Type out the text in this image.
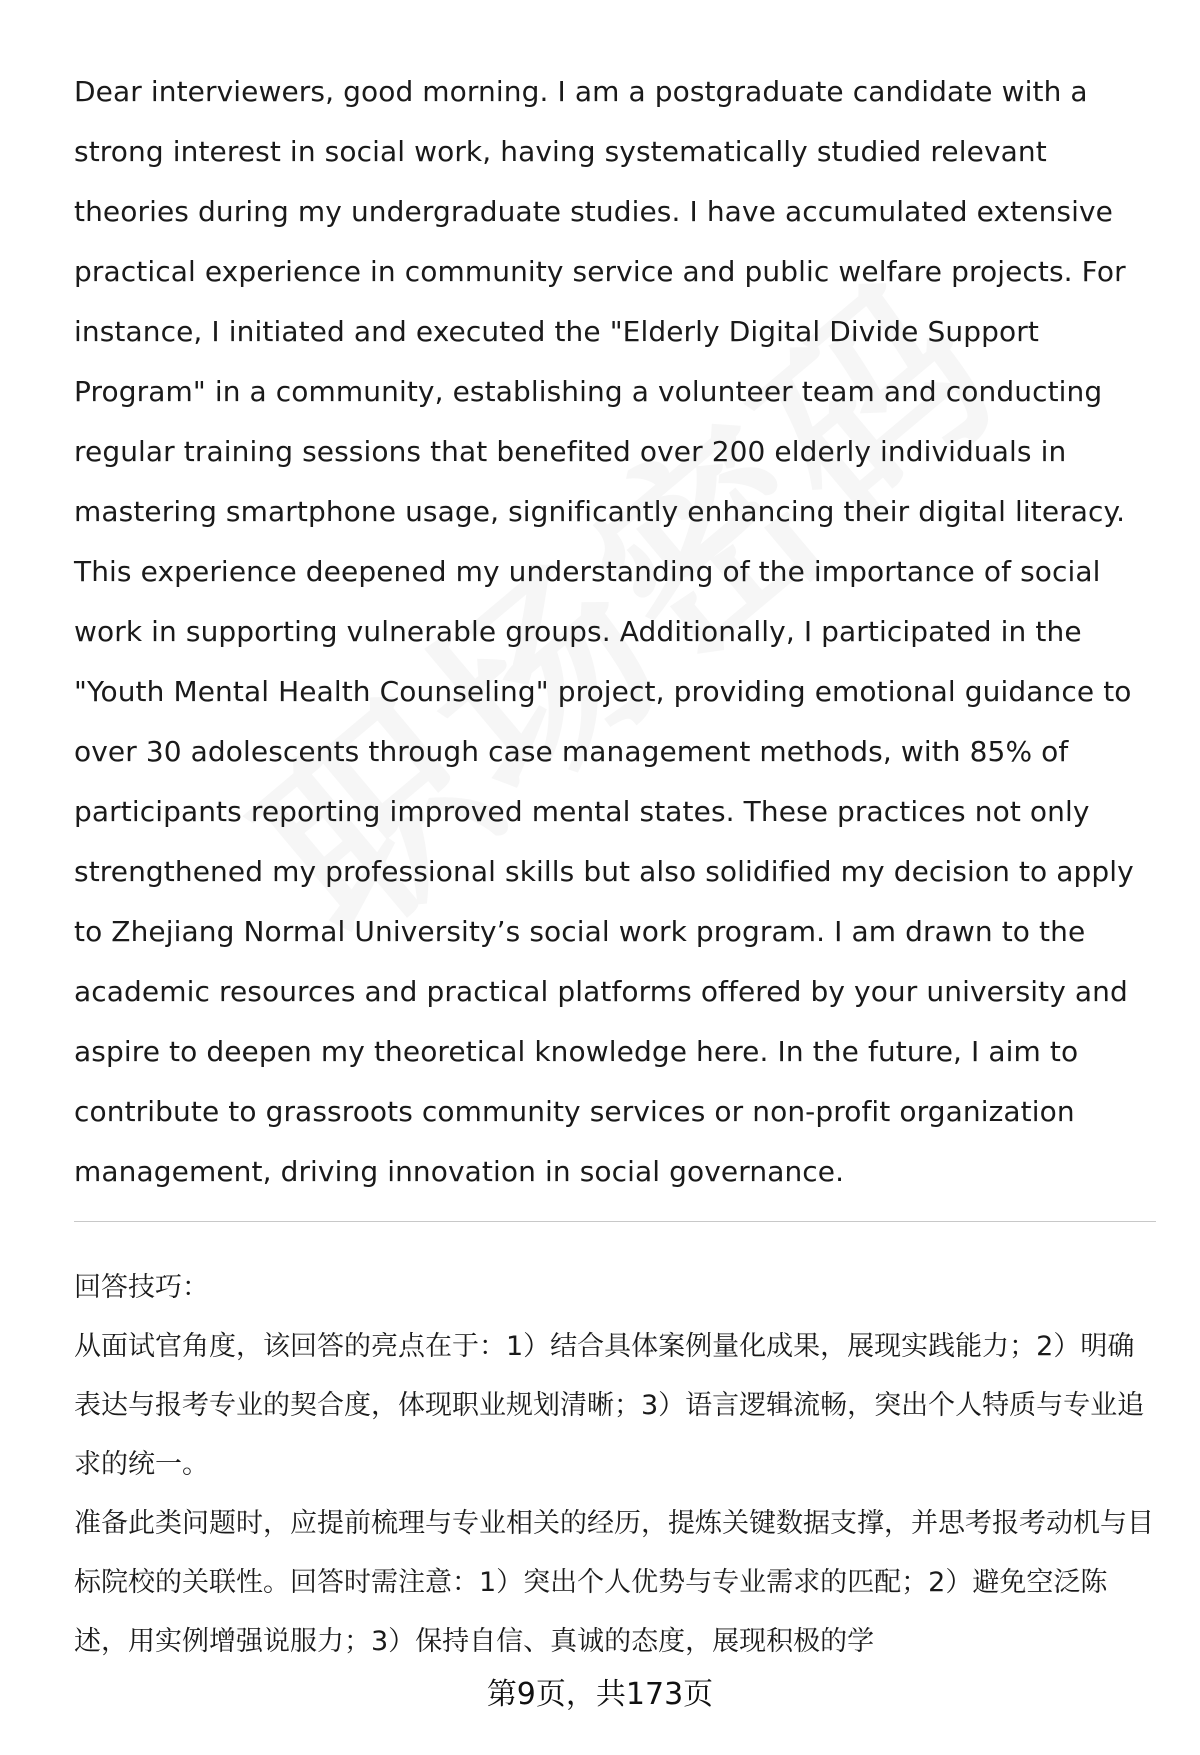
Dear interviewers, good morning. I am a postgraduate candidate with a strong interest in social work, having systematically studied relevant theories during my undergraduate studies. I have accumulated extensive practical experience in community service and public welfare projects. For instance, I initiated and executed the "Elderly Digital Divide Support Program" in a community, establishing a volunteer team and conducting regular training sessions that benefited over 200 elderly individuals in mastering smartphone usage, significantly enhancing their digital literacy. This experience deepened my understanding of the importance of social work in supporting vulnerable groups. Additionally, I participated in the "Youth Mental Health Counseling" project, providing emotional guidance to over 30 adolescents through case management methods, with 85% of participants reporting improved mental states. These practices not only strengthened my professional skills but also solidified my decision to apply to Zhejiang Normal University’s social work program. I am drawn to the academic resources and practical platforms offered by your university and aspire to deepen my theoretical knowledge here. In the future, I aim to contribute to grassroots community services or non-profit organization management, driving innovation in social governance.

回答技巧：

从面试官角度，该回答的亮点在于：1）结合具体案例量化成果，展现实践能力；2）明确表达与报考专业的契合度，体现职业规划清晰；3）语言逻辑流畅，突出个人特质与专业追求的统一。

准备此类问题时，应提前梳理与专业相关的经历，提炼关键数据支撑，并思考报考动机与目标院校的关联性。回答时需注意：1）突出个人优势与专业需求的匹配；2）避免空泛陈述，用实例增强说服力；3）保持自信、真诚的态度，展现积极的学

第9页，共173页
